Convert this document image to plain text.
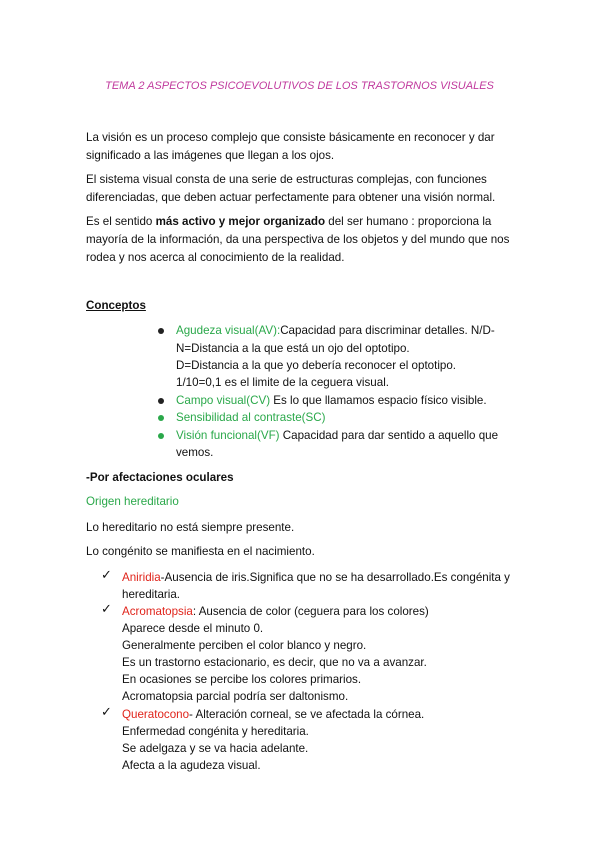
TEMA 2 ASPECTOS PSICOEVOLUTIVOS DE LOS TRASTORNOS VISUALES
La visión es un proceso complejo que consiste básicamente en reconocer y dar
significado a las imágenes que llegan a los ojos.
El sistema visual consta de una serie de estructuras complejas, con funciones
diferenciadas, que deben actuar perfectamente para obtener una visión normal.
Es el sentido más activo y mejor organizado del ser humano : proporciona la
mayoría de la información, da una perspectiva de los objetos y del mundo que nos
rodea y nos acerca al conocimiento de la realidad.
Conceptos
Agudeza visual(AV):Capacidad para discriminar detalles. N/D-
N=Distancia a la que está un ojo del optotipo.
D=Distancia a la que yo debería reconocer el optotipo.
1/10=0,1 es el limite de la ceguera visual.
Campo visual(CV) Es lo que llamamos espacio físico visible.
Sensibilidad al contraste(SC)
Visión funcional(VF) Capacidad para dar sentido a aquello que
vemos.
-Por afectaciones oculares
Origen hereditario
Lo hereditario no está siempre presente.
Lo congénito se manifiesta en el nacimiento.
✓ Aniridia-Ausencia de iris.Significa que no se ha desarrollado.Es congénita y
hereditaria.
✓ Acromatopsia: Ausencia de color (ceguera para los colores)
Aparece desde el minuto 0.
Generalmente perciben el color blanco y negro.
Es un trastorno estacionario, es decir, que no va a avanzar.
En ocasiones se percibe los colores primarios.
Acromatopsia parcial podría ser daltonismo.
✓ Queratocono- Alteración corneal, se ve afectada la córnea.
Enfermedad congénita y hereditaria.
Se adelgaza y se va hacia adelante.
Afecta a la agudeza visual.
